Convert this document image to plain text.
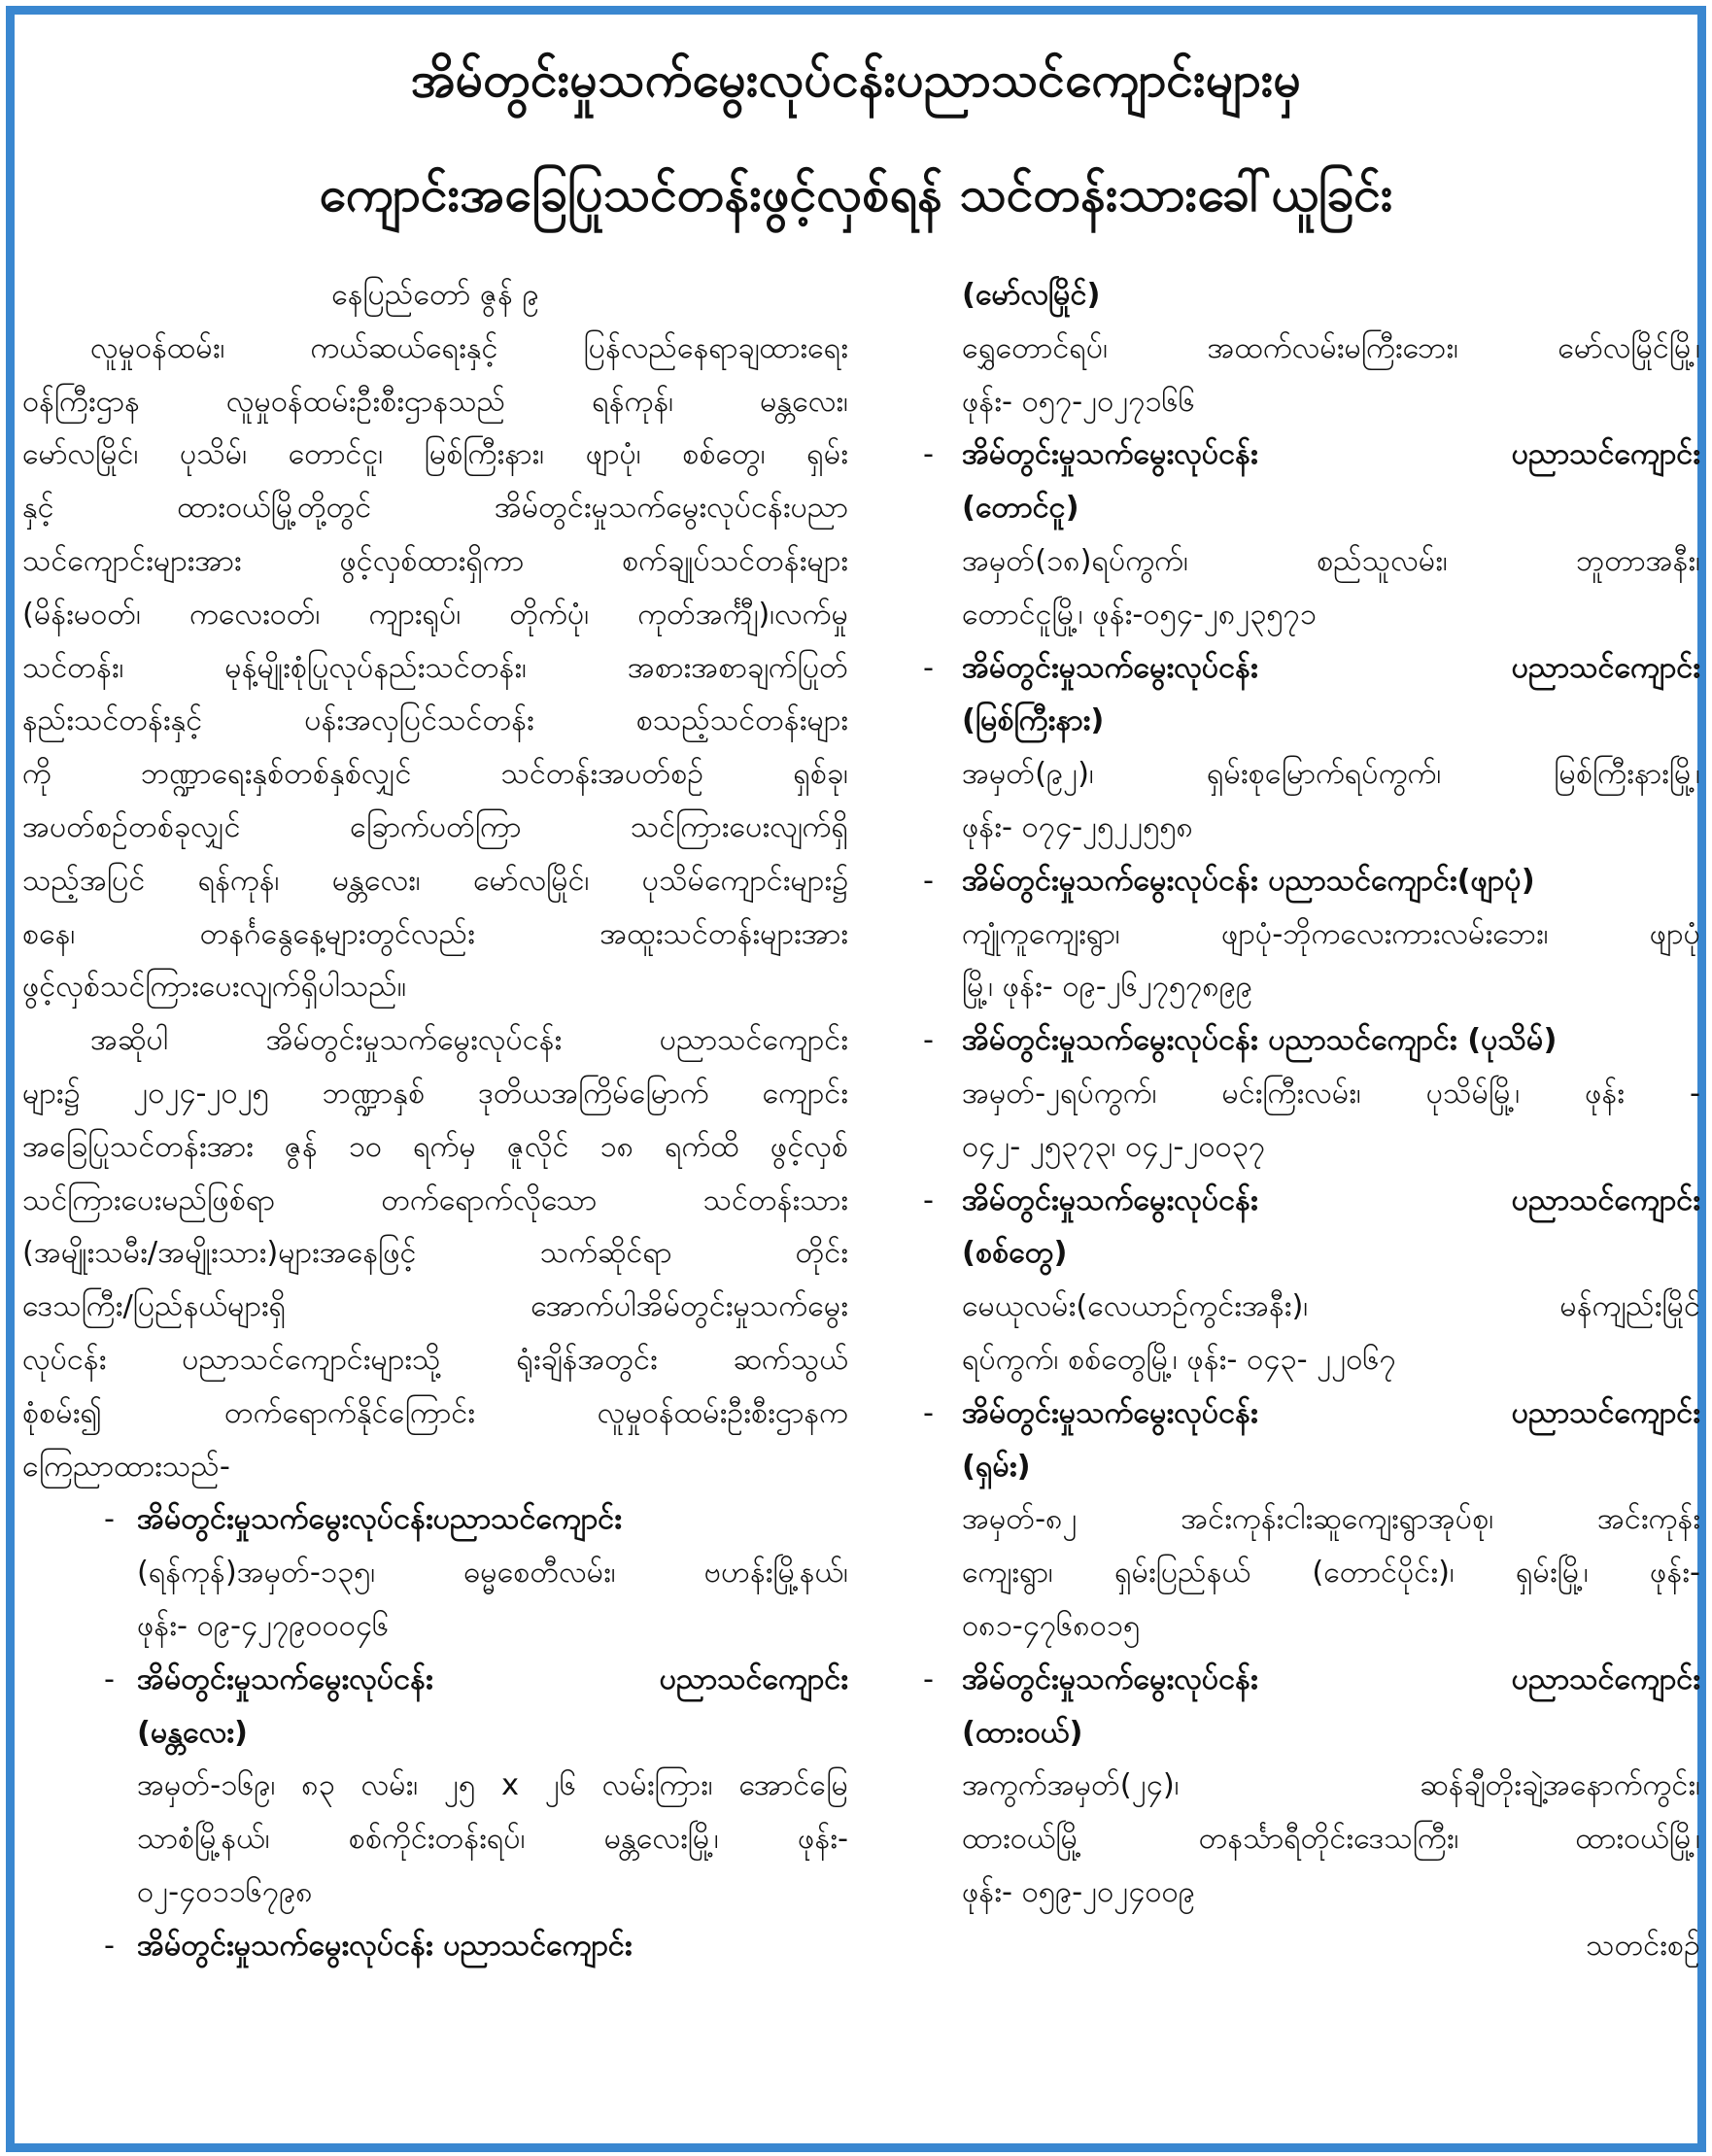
အိမ်တွင်းမှုသက်မွေးလုပ်ငန်းပညာသင်ကျောင်းများမှ
ကျောင်းအခြေပြုသင်တန်းဖွင့်လှစ်ရန် သင်တန်းသားခေါ်ယူခြင်း
နေပြည်တော် ဇွန် ၉
လူမှုဝန်ထမ်း၊ ကယ်ဆယ်ရေးနှင့် ပြန်လည်နေရာချထားရေး
ဝန်ကြီးဌာန လူမှုဝန်ထမ်းဦးစီးဌာနသည် ရန်ကုန်၊ မန္တလေး၊
မော်လမြိုင်၊ ပုသိမ်၊ တောင်ငူ၊ မြစ်ကြီးနား၊ ဖျာပုံ၊ စစ်တွေ၊ ရှမ်း
နှင့် ထားဝယ်မြို့တို့တွင် အိမ်တွင်းမှုသက်မွေးလုပ်ငန်းပညာ
သင်ကျောင်းများအား ဖွင့်လှစ်ထားရှိကာ စက်ချုပ်သင်တန်းများ
(မိန်းမဝတ်၊ ကလေးဝတ်၊ ကျားရုပ်၊ တိုက်ပုံ၊ ကုတ်အင်္ကျီ)၊လက်မှု
သင်တန်း၊ မုန့်မျိုးစုံပြုလုပ်နည်းသင်တန်း၊ အစားအစာချက်ပြုတ်
နည်းသင်တန်းနှင့် ပန်းအလှပြင်သင်တန်း စသည့်သင်တန်းများ
ကို ဘဏ္ဍာရေးနှစ်တစ်နှစ်လျှင် သင်တန်းအပတ်စဉ် ရှစ်ခု၊
အပတ်စဉ်တစ်ခုလျှင် ခြောက်ပတ်ကြာ သင်ကြားပေးလျက်ရှိ
သည့်အပြင် ရန်ကုန်၊ မန္တလေး၊ မော်လမြိုင်၊ ပုသိမ်ကျောင်းများ၌
စနေ၊ တနင်္ဂနွေနေ့များတွင်လည်း အထူးသင်တန်းများအား
ဖွင့်လှစ်သင်ကြားပေးလျက်ရှိပါသည်။
အဆိုပါ အိမ်တွင်းမှုသက်မွေးလုပ်ငန်း ပညာသင်ကျောင်း
များ၌ ၂၀၂၄-၂၀၂၅ ဘဏ္ဍာနှစ် ဒုတိယအကြိမ်မြောက် ကျောင်း
အခြေပြုသင်တန်းအား ဇွန် ၁၀ ရက်မှ ဇူလိုင် ၁၈ ရက်ထိ ဖွင့်လှစ်
သင်ကြားပေးမည်ဖြစ်ရာ တက်ရောက်လိုသော သင်တန်းသား
(အမျိုးသမီး/အမျိုးသား)များအနေဖြင့် သက်ဆိုင်ရာ တိုင်း
ဒေသကြီး/ပြည်နယ်များရှိ အောက်ပါအိမ်တွင်းမှုသက်မွေး
လုပ်ငန်း ပညာသင်ကျောင်းများသို့ ရုံးချိန်အတွင်း ဆက်သွယ်
စုံစမ်း၍ တက်ရောက်နိုင်ကြောင်း လူမှုဝန်ထမ်းဦးစီးဌာနက
ကြေညာထားသည်-
- အိမ်တွင်းမှုသက်မွေးလုပ်ငန်းပညာသင်ကျောင်း
(ရန်ကုန်)အမှတ်-၁၃၅၊ ဓမ္မစေတီလမ်း၊ ဗဟန်းမြို့နယ်၊
ဖုန်း- ၀၉-၄၂၇၉၀၀၀၄၆
- အိမ်တွင်းမှုသက်မွေးလုပ်ငန်း ပညာသင်ကျောင်း
(မန္တလေး)
အမှတ်-၁၆၉၊ ၈၃ လမ်း၊ ၂၅ x ၂၆ လမ်းကြား၊ အောင်မြေ
သာစံမြို့နယ်၊ စစ်ကိုင်းတန်းရပ်၊ မန္တလေးမြို့၊ ဖုန်း-
၀၂-၄၀၁၁၆၇၉၈
- အိမ်တွင်းမှုသက်မွေးလုပ်ငန်း ပညာသင်ကျောင်း
(မော်လမြိုင်)
ရွှေတောင်ရပ်၊ အထက်လမ်းမကြီးဘေး၊ မော်လမြိုင်မြို့၊
ဖုန်း- ၀၅၇-၂၀၂၇၁၆၆
- အိမ်တွင်းမှုသက်မွေးလုပ်ငန်း ပညာသင်ကျောင်း
(တောင်ငူ)
အမှတ်(၁၈)ရပ်ကွက်၊ စည်သူလမ်း၊ ဘူတာအနီး၊
တောင်ငူမြို့၊ ဖုန်း-၀၅၄-၂၈၂၃၅၇၁
- အိမ်တွင်းမှုသက်မွေးလုပ်ငန်း ပညာသင်ကျောင်း
(မြစ်ကြီးနား)
အမှတ်(၉၂)၊ ရှမ်းစုမြောက်ရပ်ကွက်၊ မြစ်ကြီးနားမြို့၊
ဖုန်း- ၀၇၄-၂၅၂၂၅၅၈
- အိမ်တွင်းမှုသက်မွေးလုပ်ငန်း ပညာသင်ကျောင်း(ဖျာပုံ)
ကျုံကူကျေးရွာ၊ ဖျာပုံ-ဘိုကလေးကားလမ်းဘေး၊ ဖျာပုံ
မြို့၊ ဖုန်း- ၀၉-၂၆၂၇၅၇၈၉၉
- အိမ်တွင်းမှုသက်မွေးလုပ်ငန်း ပညာသင်ကျောင်း (ပုသိမ်)
အမှတ်-၂ရပ်ကွက်၊ မင်းကြီးလမ်း၊ ပုသိမ်မြို့၊ ဖုန်း -
၀၄၂- ၂၅၃၇၃၊ ၀၄၂-၂၀၀၃၇
- အိမ်တွင်းမှုသက်မွေးလုပ်ငန်း ပညာသင်ကျောင်း
(စစ်တွေ)
မေယုလမ်း(လေယာဉ်ကွင်းအနီး)၊ မန်ကျည်းမြိုင်
ရပ်ကွက်၊ စစ်တွေမြို့၊ ဖုန်း- ၀၄၃- ၂၂၀၆၇
- အိမ်တွင်းမှုသက်မွေးလုပ်ငန်း ပညာသင်ကျောင်း
(ရှမ်း)
အမှတ်-၈၂ အင်းကုန်းငါးဆူကျေးရွာအုပ်စု၊ အင်းကုန်း
ကျေးရွာ၊ ရှမ်းပြည်နယ် (တောင်ပိုင်း)၊ ရှမ်းမြို့၊ ဖုန်း-
၀၈၁-၄၇၆၈၀၁၅
- အိမ်တွင်းမှုသက်မွေးလုပ်ငန်း ပညာသင်ကျောင်း
(ထားဝယ်)
အကွက်အမှတ်(၂၄)၊ ဆန်ချီတိုးချဲ့အနောက်ကွင်း၊
ထားဝယ်မြို့ တနင်္သာရီတိုင်းဒေသကြီး၊ ထားဝယ်မြို့၊
ဖုန်း- ၀၅၉-၂၀၂၄၀၀၉
သတင်းစဉ်
